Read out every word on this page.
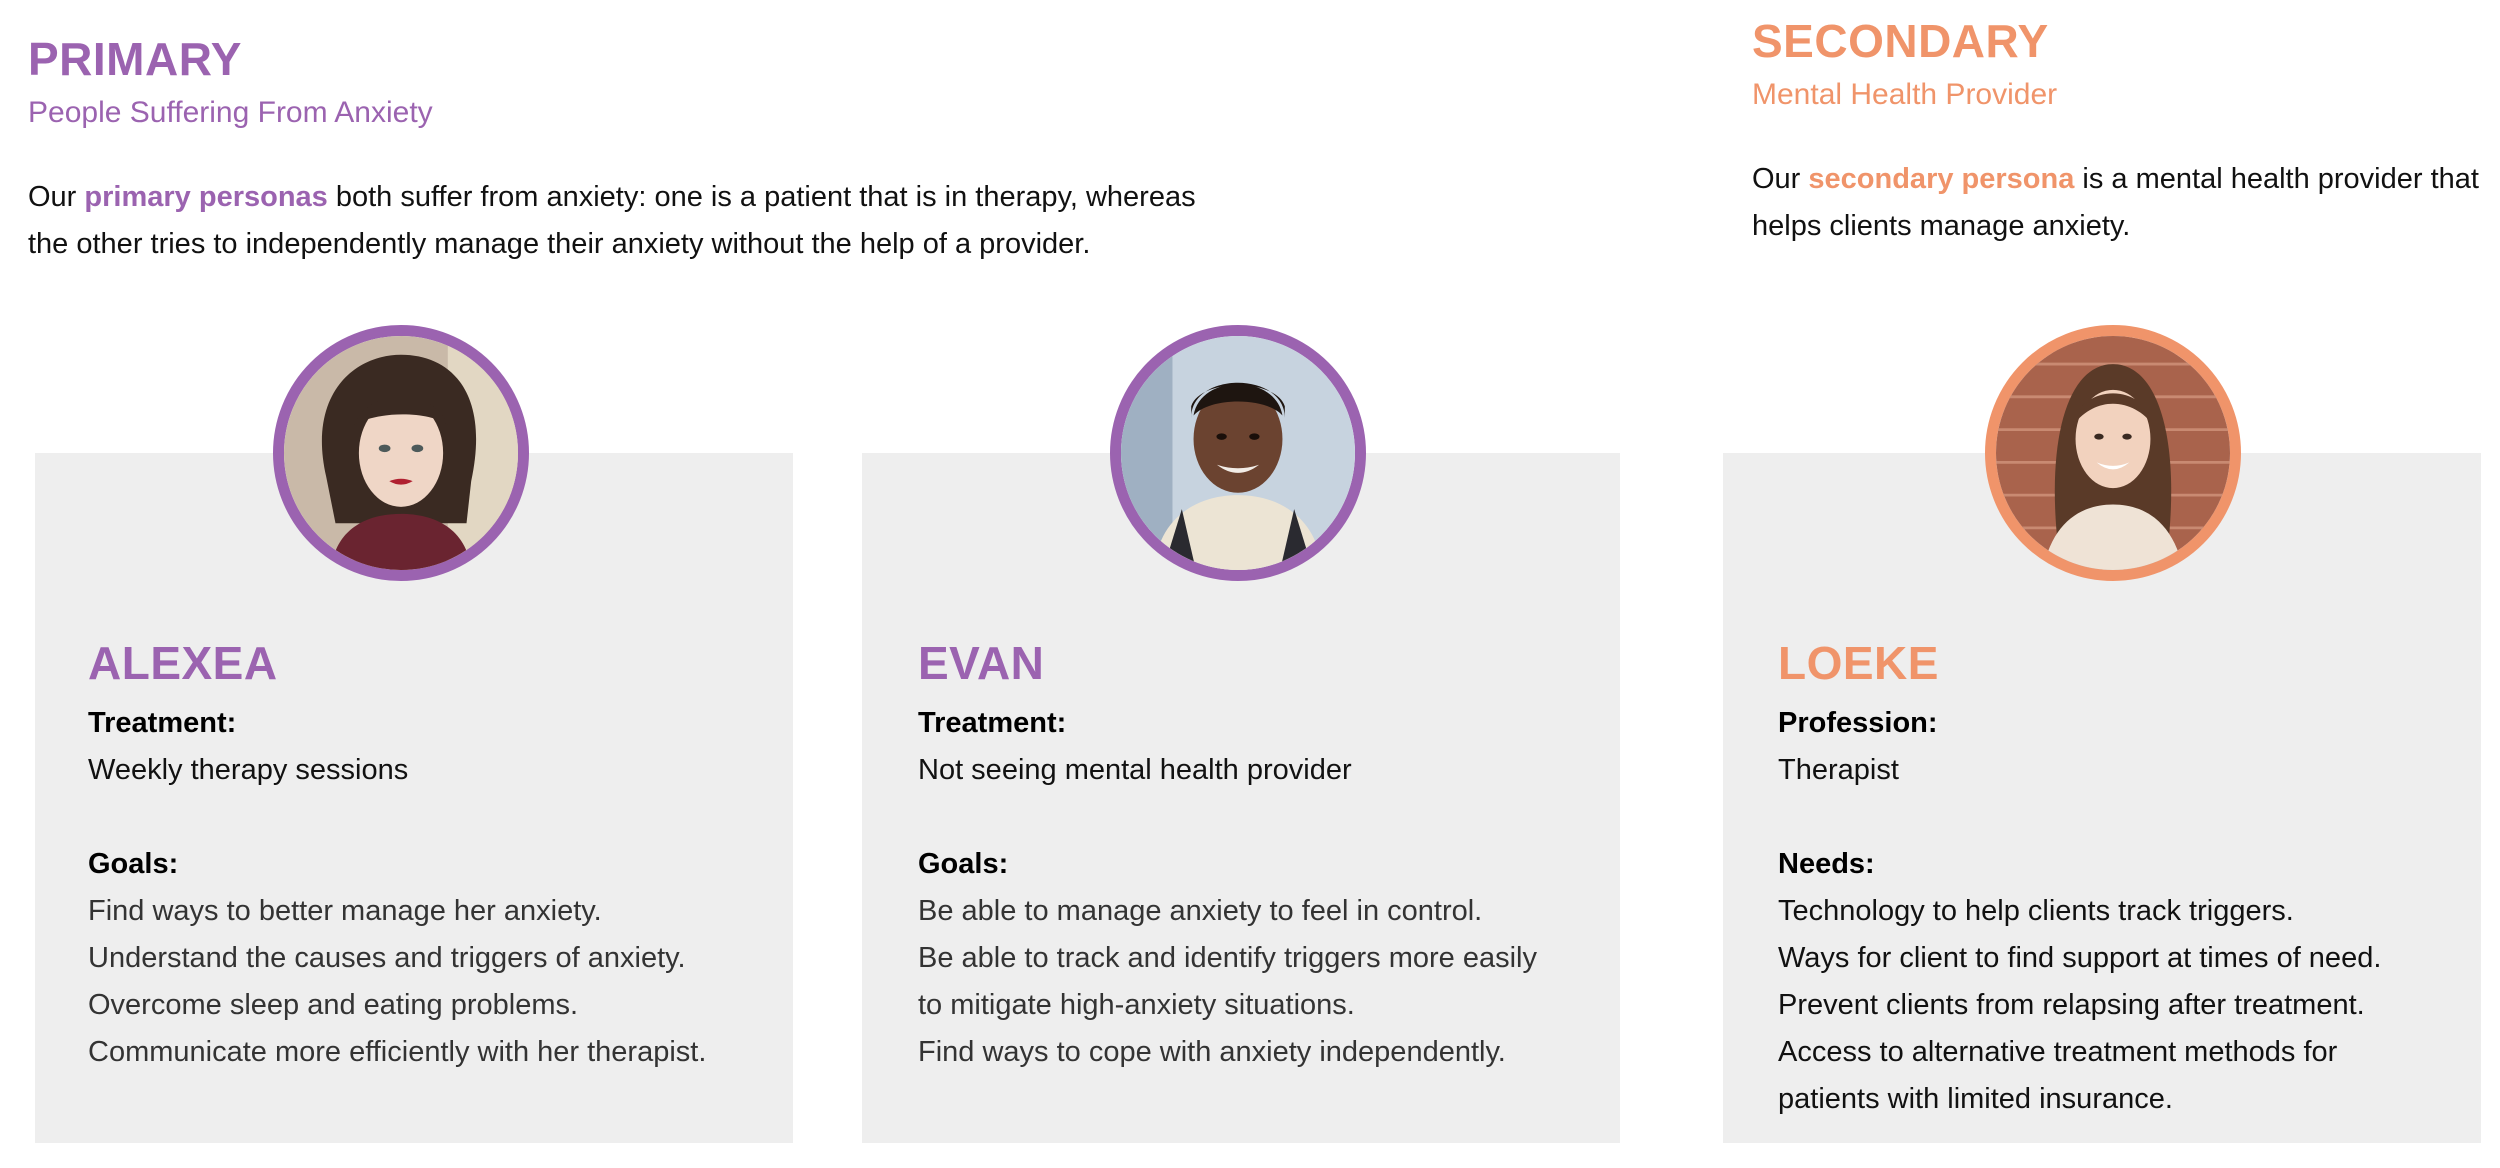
PRIMARY

People Suffering From Anxiety

Our primary personas both suffer from anxiety: one is a patient that is in therapy, whereas
the other tries to independently manage their anxiety without the help of a provider.

SECONDARY

Mental Health Provider

Our secondary persona is a mental health provider that
helps clients manage anxiety.

ALEXEA
Treatment:
Weekly therapy sessions
Goals:
Find ways to better manage her anxiety.
Understand the causes and triggers of anxiety.
Overcome sleep and eating problems.
Communicate more efficiently with her therapist.
EVAN
Treatment:
Not seeing mental health provider
Goals:
Be able to manage anxiety to feel in control.
Be able to track and identify triggers more easily
to mitigate high-anxiety situations.
Find ways to cope with anxiety independently.
LOEKE
Profession:
Therapist
Needs:
Technology to help clients track triggers.
Ways for client to find support at times of need.
Prevent clients from relapsing after treatment.
Access to alternative treatment methods for
patients with limited insurance.
